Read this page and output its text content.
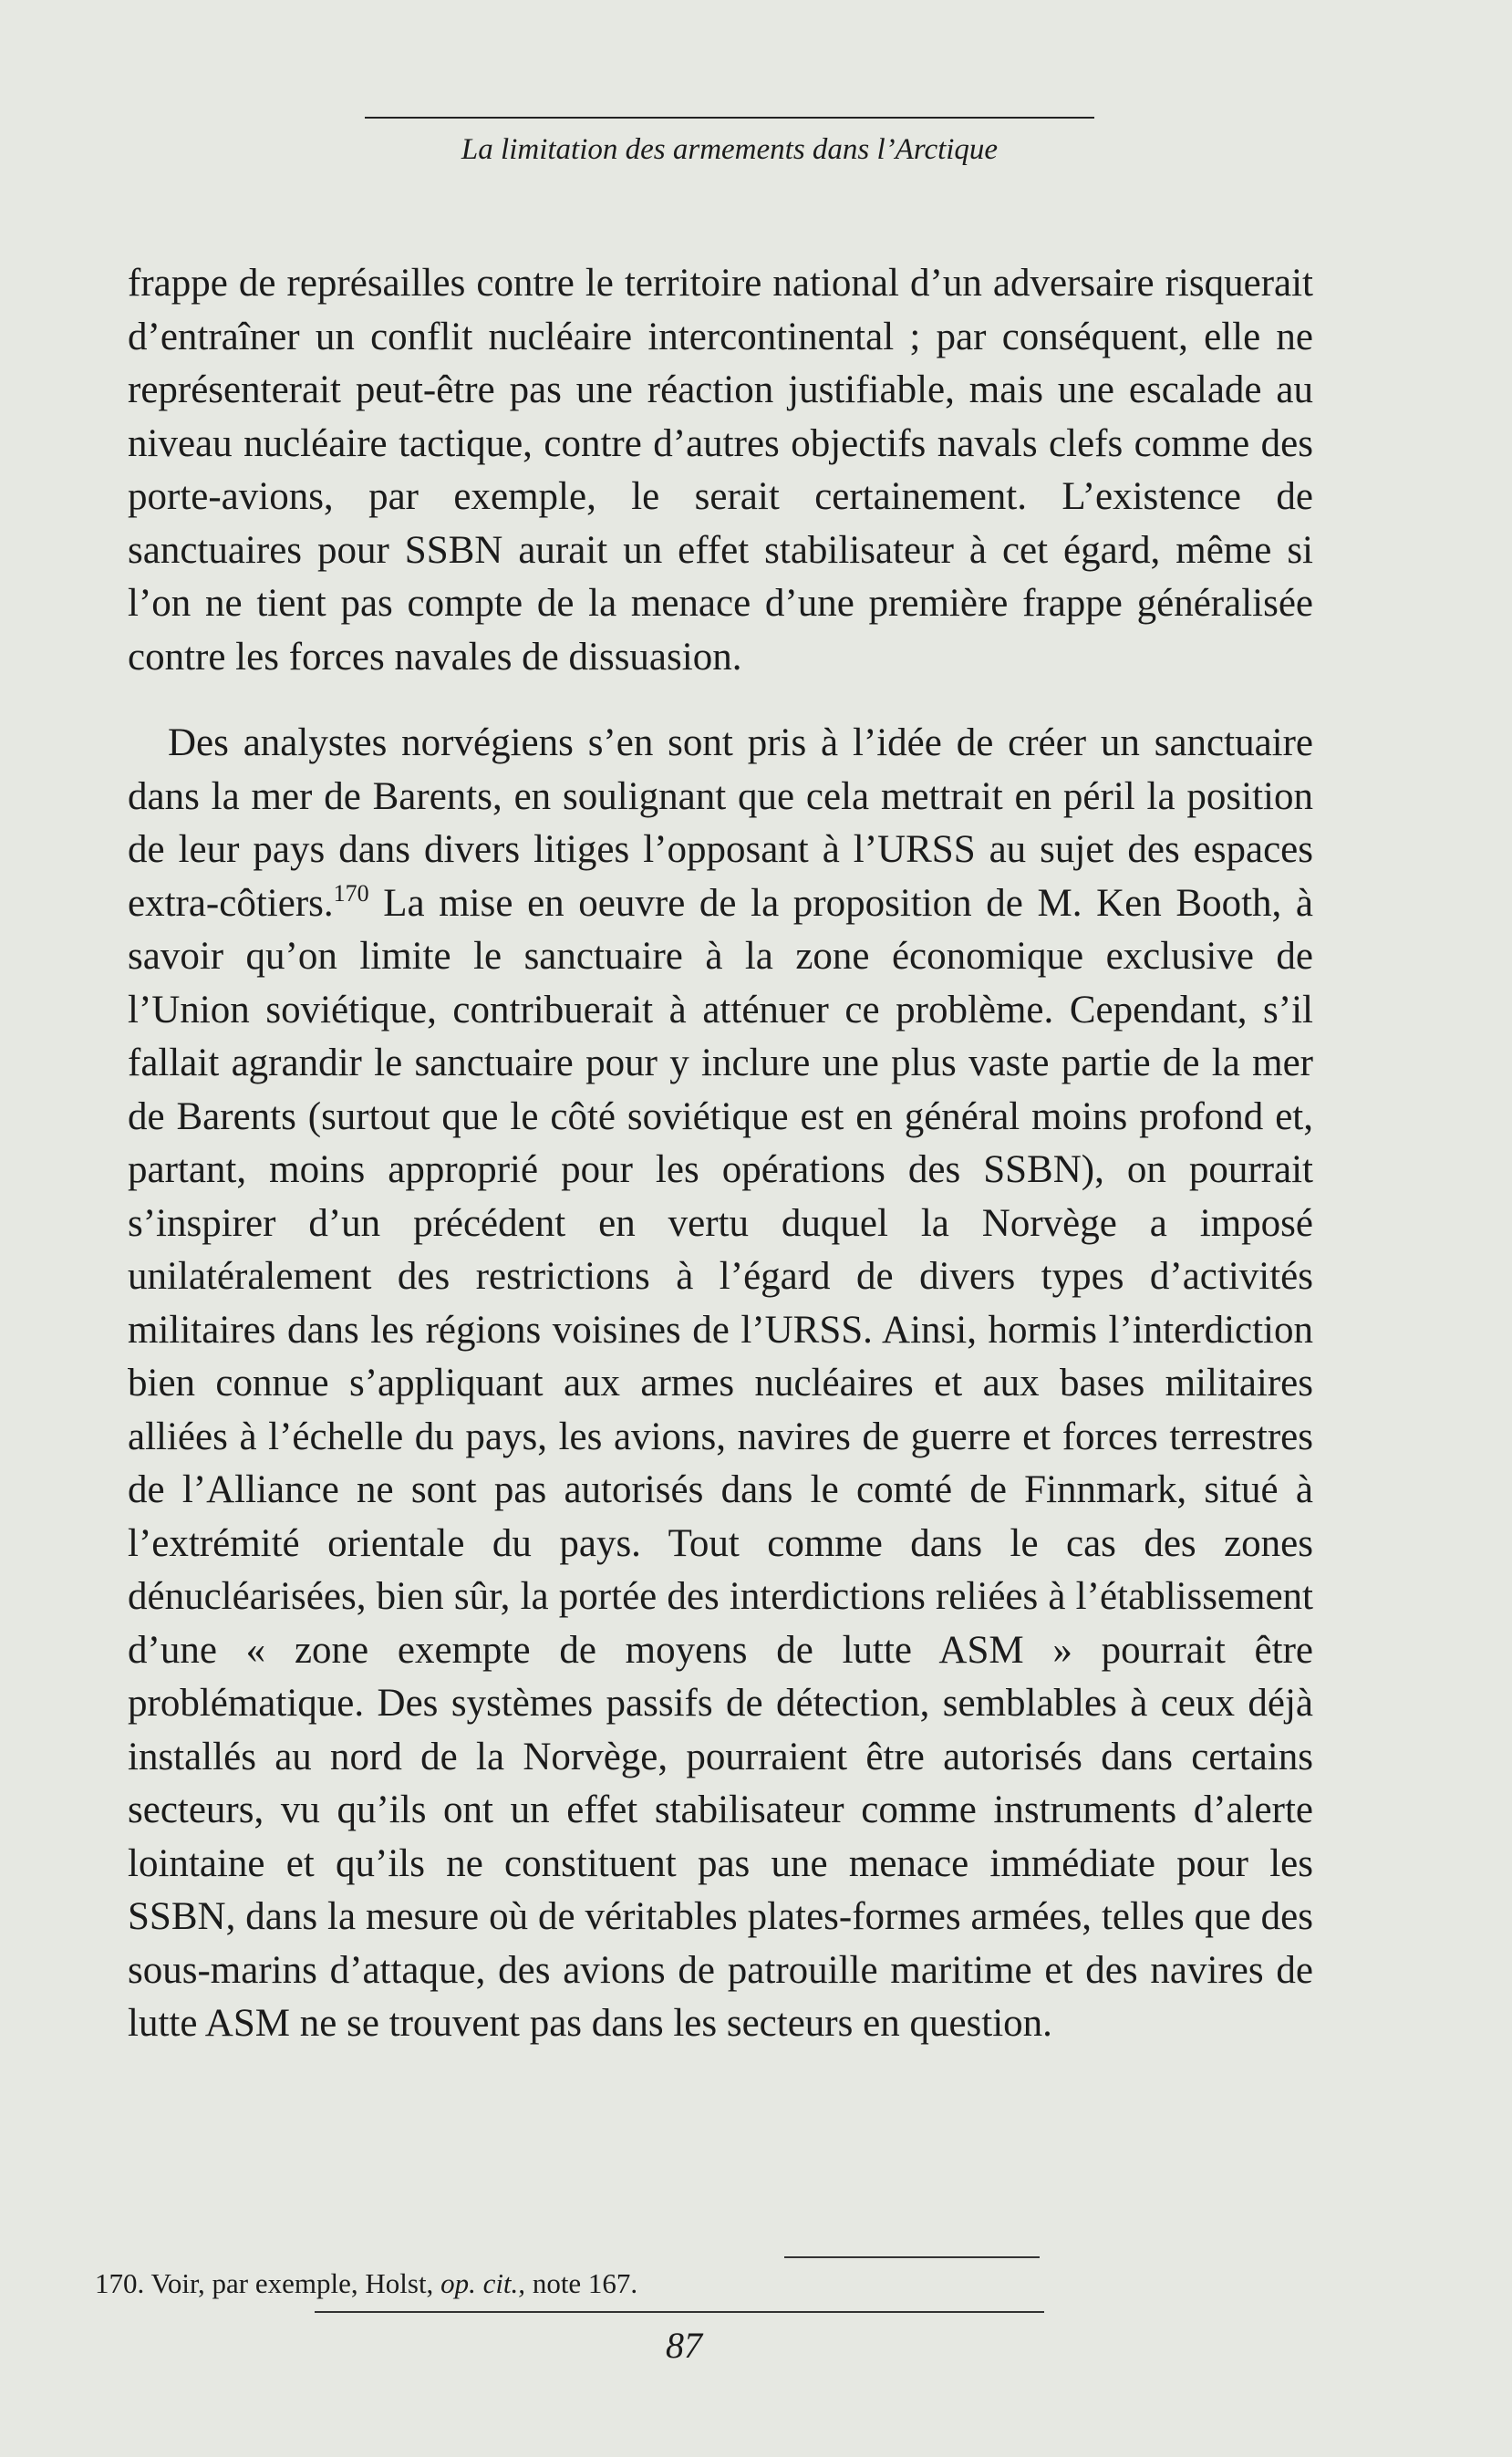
La limitation des armements dans l’Arctique

frappe de représailles contre le territoire national d’un adversaire risquerait d’entraîner un conflit nucléaire intercontinental ; par conséquent, elle ne représenterait peut-être pas une réaction justifiable, mais une escalade au niveau nucléaire tactique, contre d’autres objectifs navals clefs comme des porte-avions, par exemple, le serait certainement. L’existence de sanctuaires pour SSBN aurait un effet stabilisateur à cet égard, même si l’on ne tient pas compte de la menace d’une première frappe généralisée contre les forces navales de dissuasion.

Des analystes norvégiens s’en sont pris à l’idée de créer un sanctuaire dans la mer de Barents, en soulignant que cela mettrait en péril la position de leur pays dans divers litiges l’opposant à l’URSS au sujet des espaces extra-côtiers.$^{170}$ La mise en oeuvre de la proposition de M. Ken Booth, à savoir qu’on limite le sanctuaire à la zone économique exclusive de l’Union soviétique, contribuerait à atténuer ce problème. Cependant, s’il fallait agrandir le sanctuaire pour y inclure une plus vaste partie de la mer de Barents (surtout que le côté soviétique est en général moins profond et, partant, moins approprié pour les opérations des SSBN), on pourrait s’inspirer d’un précédent en vertu duquel la Norvège a imposé unilatéralement des restrictions à l’égard de divers types d’activités militaires dans les régions voisines de l’URSS. Ainsi, hormis l’interdiction bien connue s’appliquant aux armes nucléaires et aux bases militaires alliées à l’échelle du pays, les avions, navires de guerre et forces terrestres de l’Alliance ne sont pas autorisés dans le comté de Finnmark, situé à l’extrémité orientale du pays. Tout comme dans le cas des zones dénucléarisées, bien sûr, la portée des interdictions reliées à l’établissement d’une « zone exempte de moyens de lutte ASM » pourrait être problématique. Des systèmes passifs de détection, semblables à ceux déjà installés au nord de la Norvège, pourraient être autorisés dans certains secteurs, vu qu’ils ont un effet stabilisateur comme instruments d’alerte lointaine et qu’ils ne constituent pas une menace immédiate pour les SSBN, dans la mesure où de véritables plates-formes armées, telles que des sous-marins d’attaque, des avions de patrouille maritime et des navires de lutte ASM ne se trouvent pas dans les secteurs en question.

170. Voir, par exemple, Holst, op. cit., note 167.
87
